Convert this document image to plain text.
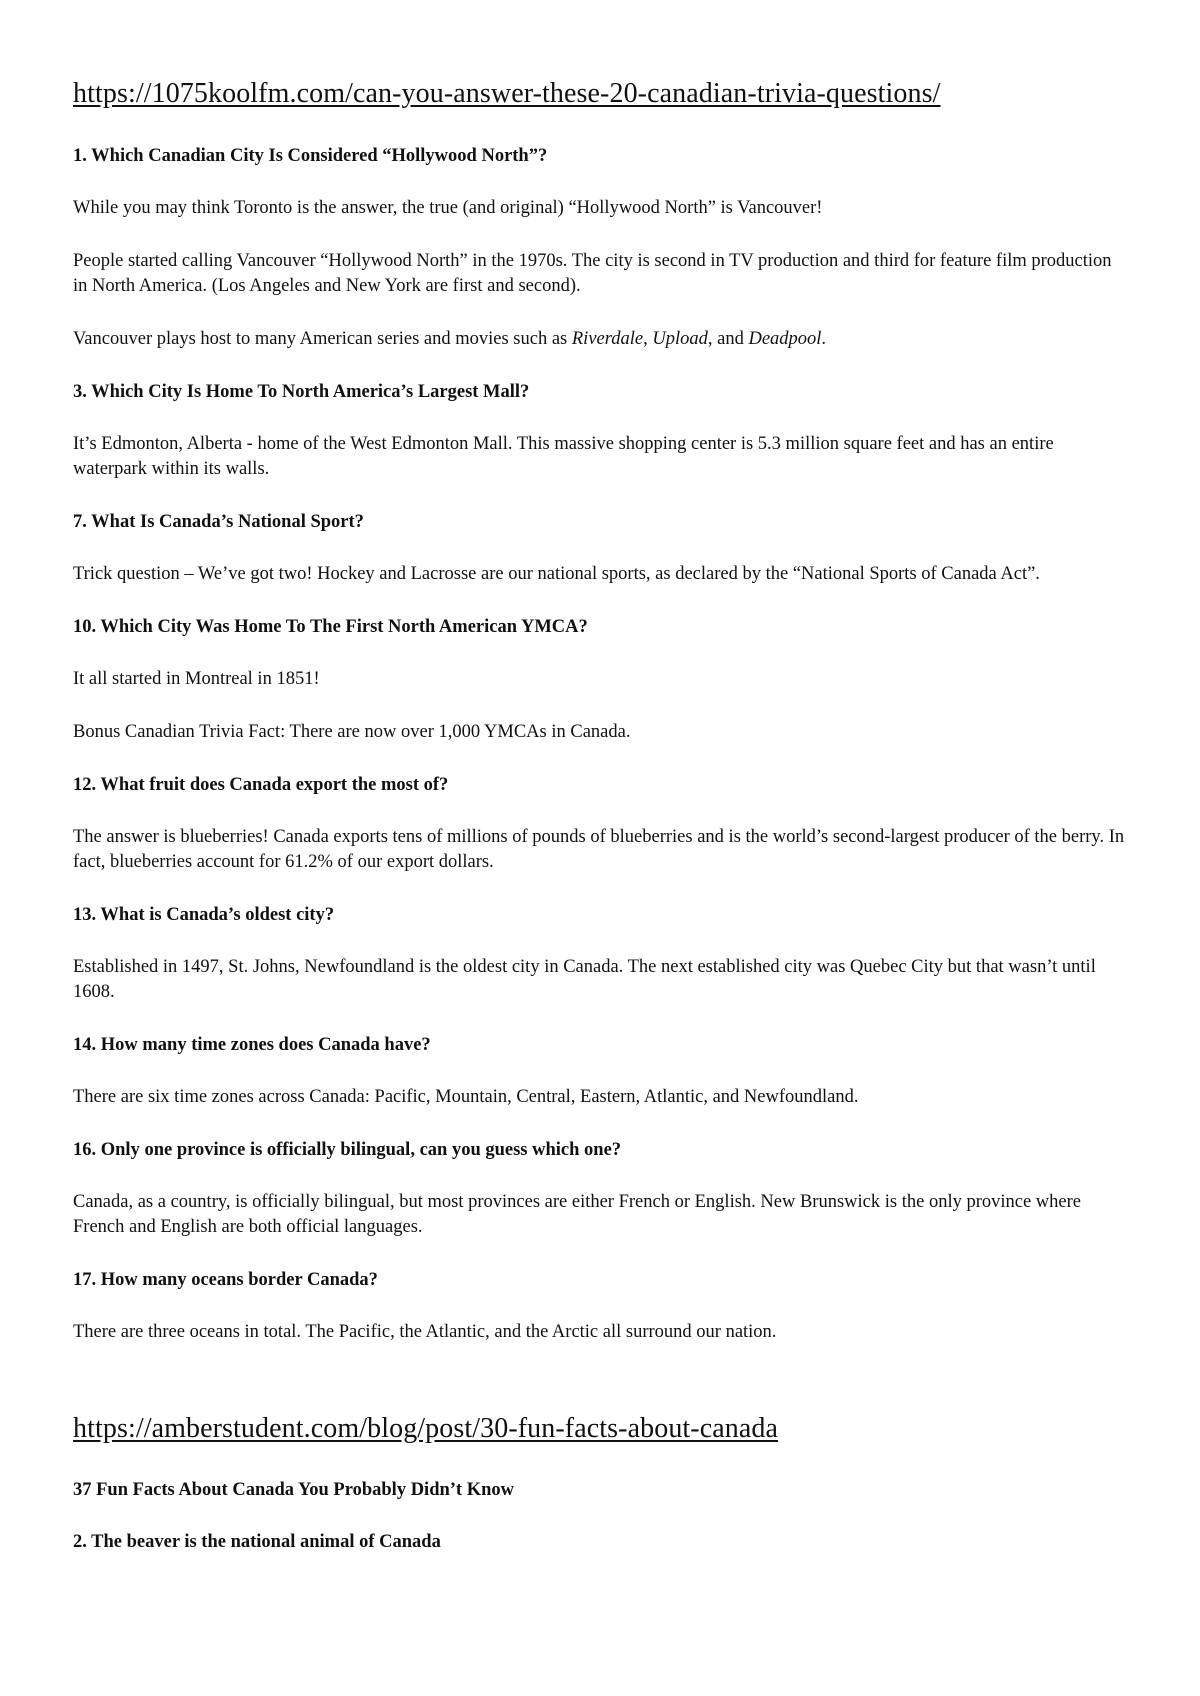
https://1075koolfm.com/can-you-answer-these-20-canadian-trivia-questions/
1. Which Canadian City Is Considered “Hollywood North”?
While you may think Toronto is the answer, the true (and original) “Hollywood North” is Vancouver!
People started calling Vancouver “Hollywood North” in the 1970s. The city is second in TV production and third for feature film production in North America. (Los Angeles and New York are first and second).
Vancouver plays host to many American series and movies such as Riverdale, Upload, and Deadpool.
3. Which City Is Home To North America’s Largest Mall?
It’s Edmonton, Alberta - home of the West Edmonton Mall. This massive shopping center is 5.3 million square feet and has an entire waterpark within its walls.
7. What Is Canada’s National Sport?
Trick question – We’ve got two! Hockey and Lacrosse are our national sports, as declared by the “National Sports of Canada Act”.
10. Which City Was Home To The First North American YMCA?
It all started in Montreal in 1851!
Bonus Canadian Trivia Fact: There are now over 1,000 YMCAs in Canada.
12. What fruit does Canada export the most of?
The answer is blueberries! Canada exports tens of millions of pounds of blueberries and is the world’s second-largest producer of the berry. In fact, blueberries account for 61.2% of our export dollars.
13. What is Canada’s oldest city?
Established in 1497, St. Johns, Newfoundland is the oldest city in Canada. The next established city was Quebec City but that wasn’t until 1608.
14. How many time zones does Canada have?
There are six time zones across Canada: Pacific, Mountain, Central, Eastern, Atlantic, and Newfoundland.
16. Only one province is officially bilingual, can you guess which one?
Canada, as a country, is officially bilingual, but most provinces are either French or English. New Brunswick is the only province where French and English are both official languages.
17. How many oceans border Canada?
There are three oceans in total. The Pacific, the Atlantic, and the Arctic all surround our nation.
https://amberstudent.com/blog/post/30-fun-facts-about-canada
37 Fun Facts About Canada You Probably Didn’t Know
2. The beaver is the national animal of Canada
